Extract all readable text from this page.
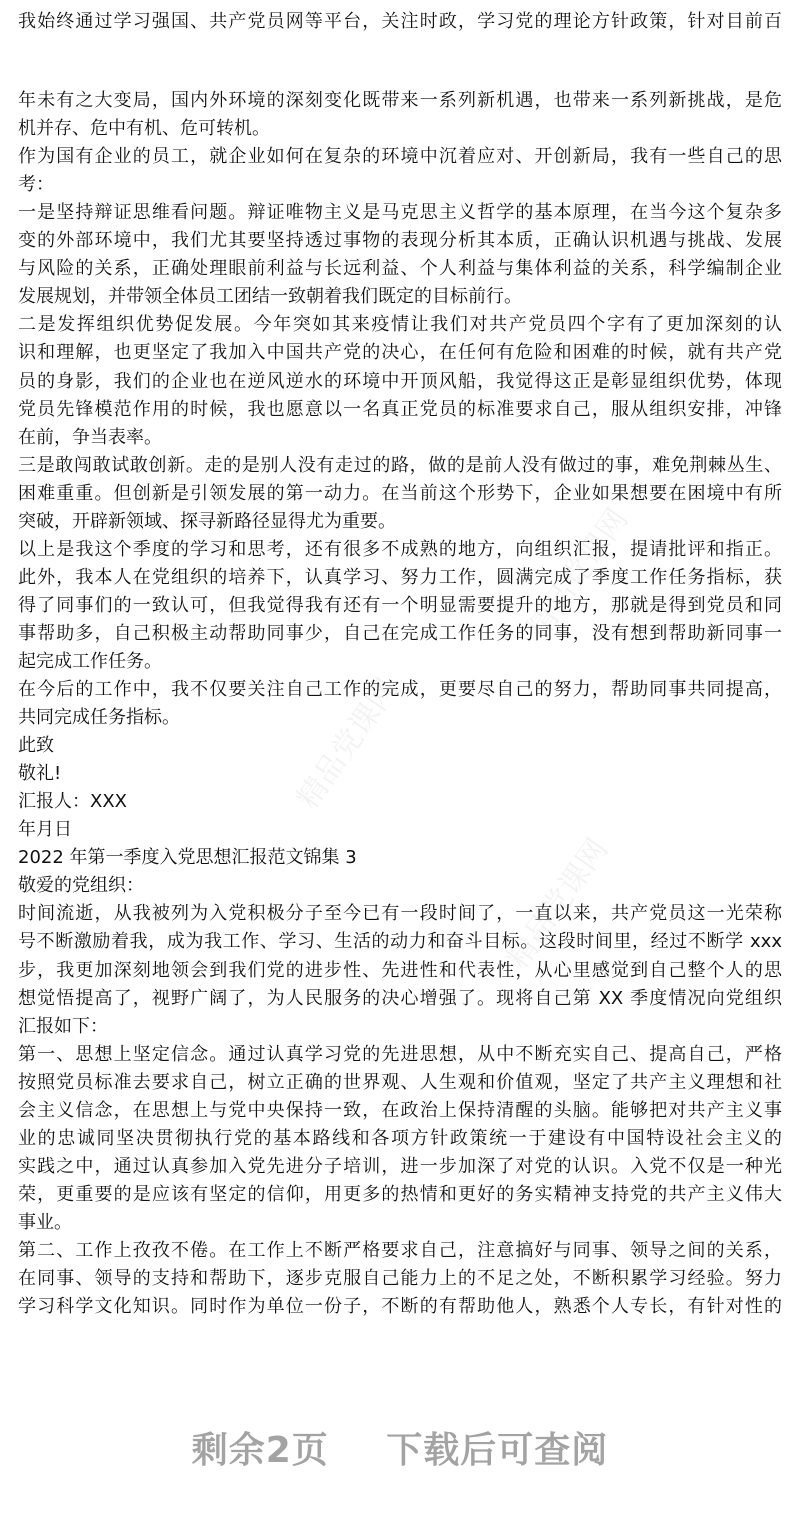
精品党课网
精品党课网
精品党课网
我始终通过学习强国、共产党员网等平台，关注时政，学习党的理论方针政策，针对目前百
年未有之大变局，国内外环境的深刻变化既带来一系列新机遇，也带来一系列新挑战，是危
机并存、危中有机、危可转机。
作为国有企业的员工，就企业如何在复杂的环境中沉着应对、开创新局，我有一些自己的思
考：
一是坚持辩证思维看问题。辩证唯物主义是马克思主义哲学的基本原理，在当今这个复杂多
变的外部环境中，我们尤其要坚持透过事物的表现分析其本质，正确认识机遇与挑战、发展
与风险的关系，正确处理眼前利益与长远利益、个人利益与集体利益的关系，科学编制企业
发展规划，并带领全体员工团结一致朝着我们既定的目标前行。
二是发挥组织优势促发展。今年突如其来疫情让我们对共产党员四个字有了更加深刻的认
识和理解，也更坚定了我加入中国共产党的决心，在任何有危险和困难的时候，就有共产党
员的身影，我们的企业也在逆风逆水的环境中开顶风船，我觉得这正是彰显组织优势，体现
党员先锋模范作用的时候，我也愿意以一名真正党员的标准要求自己，服从组织安排，冲锋
在前，争当表率。
三是敢闯敢试敢创新。走的是别人没有走过的路，做的是前人没有做过的事，难免荆棘丛生、
困难重重。但创新是引领发展的第一动力。在当前这个形势下，企业如果想要在困境中有所
突破，开辟新领域、探寻新路径显得尤为重要。
以上是我这个季度的学习和思考，还有很多不成熟的地方，向组织汇报，提请批评和指正。
此外，我本人在党组织的培养下，认真学习、努力工作，圆满完成了季度工作任务指标，获
得了同事们的一致认可，但我觉得我有还有一个明显需要提升的地方，那就是得到党员和同
事帮助多，自己积极主动帮助同事少，自己在完成工作任务的同事，没有想到帮助新同事一
起完成工作任务。
在今后的工作中，我不仅要关注自己工作的完成，更要尽自己的努力，帮助同事共同提高，
共同完成任务指标。
此致
敬礼!
汇报人：XXX
年月日
2022 年第一季度入党思想汇报范文锦集 3
敬爱的党组织：
时间流逝，从我被列为入党积极分子至今已有一段时间了，一直以来，共产党员这一光荣称
号不断激励着我，成为我工作、学习、生活的动力和奋斗目标。这段时间里，经过不断学 xxx
步，我更加深刻地领会到我们党的进步性、先进性和代表性，从心里感觉到自己整个人的思
想觉悟提高了，视野广阔了，为人民服务的决心增强了。现将自己第 XX 季度情况向党组织
汇报如下：
第一、思想上坚定信念。通过认真学习党的先进思想，从中不断充实自己、提高自己，严格
按照党员标准去要求自己，树立正确的世界观、人生观和价值观，坚定了共产主义理想和社
会主义信念，在思想上与党中央保持一致，在政治上保持清醒的头脑。能够把对共产主义事
业的忠诚同坚决贯彻执行党的基本路线和各项方针政策统一于建设有中国特设社会主义的
实践之中，通过认真参加入党先进分子培训，进一步加深了对党的认识。入党不仅是一种光
荣，更重要的是应该有坚定的信仰，用更多的热情和更好的务实精神支持党的共产主义伟大
事业。
第二、工作上孜孜不倦。在工作上不断严格要求自己，注意搞好与同事、领导之间的关系，
在同事、领导的支持和帮助下，逐步克服自己能力上的不足之处，不断积累学习经验。努力
学习科学文化知识。同时作为单位一份子，不断的有帮助他人，熟悉个人专长，有针对性的
剩余2页 下载后可查阅
